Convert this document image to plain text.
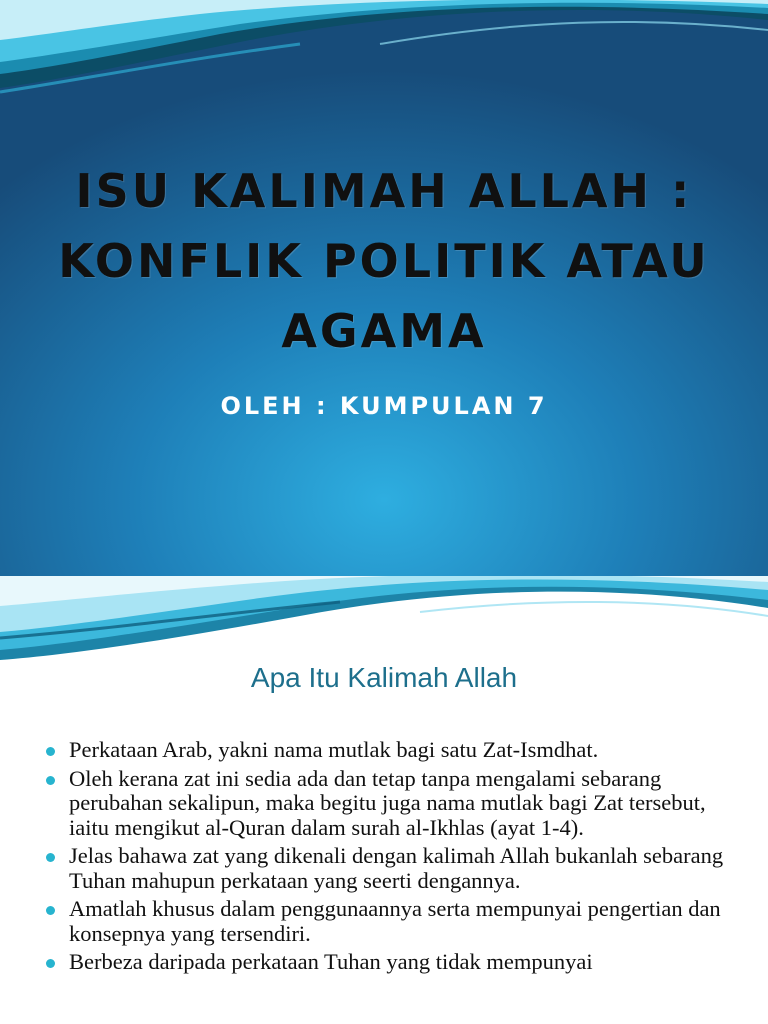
ISU KALIMAH ALLAH : KONFLIK POLITIK ATAU AGAMA
OLEH : KUMPULAN 7
Apa Itu Kalimah Allah
Perkataan Arab, yakni nama mutlak bagi satu Zat-Ismdhat.
Oleh kerana zat ini sedia ada dan tetap tanpa mengalami sebarang perubahan sekalipun, maka begitu juga nama mutlak bagi Zat tersebut, iaitu mengikut al-Quran dalam surah al-Ikhlas (ayat 1-4).
Jelas bahawa zat yang dikenali dengan kalimah Allah bukanlah sebarang Tuhan mahupun perkataan yang seerti dengannya.
Amatlah khusus dalam penggunaannya serta mempunyai pengertian dan konsepnya yang tersendiri.
Berbeza daripada perkataan Tuhan yang tidak mempunyai
